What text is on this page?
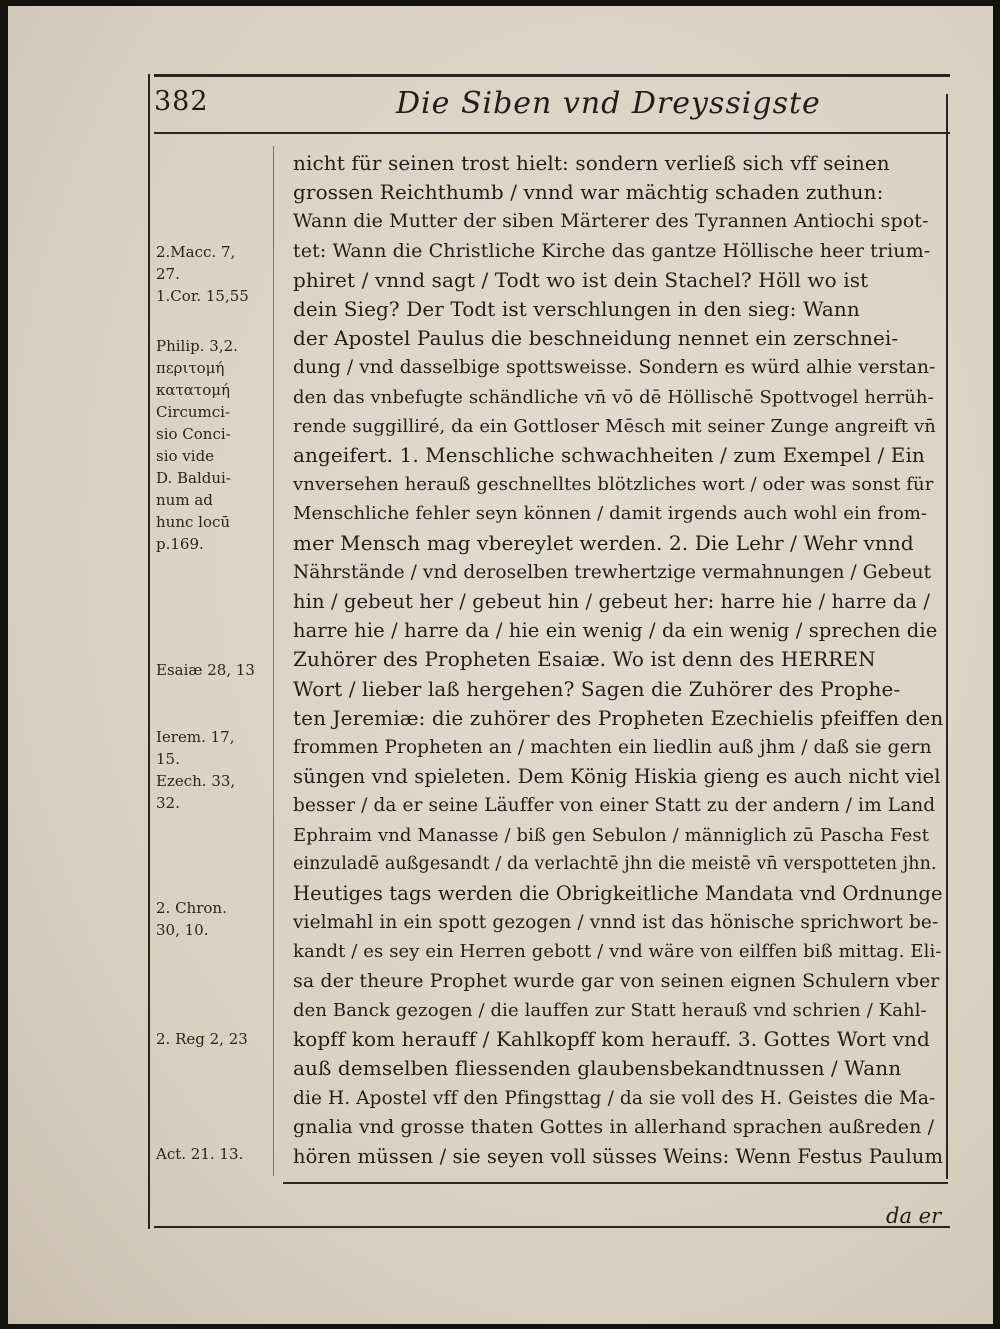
382	Die Siben vnd Dreyssigste
2.Macc. 7,
27.
1.Cor. 15,55
Philip. 3,2.
περιτομή
κατατομή
Circumci-
sio Conci-
sio vide
D. Baldui-
num ad
hunc locū
p.169.
Esaiæ 28, 13
Ierem. 17,
15.
Ezech. 33,
32.
2. Chron.
30, 10.
2. Reg 2, 23
Act. 21. 13.
nicht für seinen trost hielt: sondern verließ sich vff seinen
grossen Reichthumb / vnnd war mächtig schaden zuthun:
Wann die Mutter der siben Märterer des Tyrannen Antiochi spot-
tet: Wann die Christliche Kirche das gantze Höllische heer trium-
phiret / vnnd sagt / Todt wo ist dein Stachel? Höll wo ist
dein Sieg? Der Todt ist verschlungen in den sieg: Wann
der Apostel Paulus die beschneidung nennet ein zerschnei-
dung / vnd dasselbige spottsweisse. Sondern es würd alhie verstan-
den das vnbefugte schändliche vn̄ vō dē Höllischē Spottvogel herrüh-
rende suggilliré, da ein Gottloser Mēsch mit seiner Zunge angreift vn̄
angeifert. 1. Menschliche schwachheiten / zum Exempel / Ein
vnversehen herauß geschnelltes blötzliches wort / oder was sonst für
Menschliche fehler seyn können / damit irgends auch wohl ein from-
mer Mensch mag vbereylet werden. 2. Die Lehr / Wehr vnnd
Nährstände / vnd deroselben trewhertzige vermahnungen / Gebeut
hin / gebeut her / gebeut hin / gebeut her: harre hie / harre da /
harre hie / harre da / hie ein wenig / da ein wenig / sprechen die
Zuhörer des Propheten Esaiæ. Wo ist denn des HERREN
Wort / lieber laß hergehen? Sagen die Zuhörer des Prophe-
ten Jeremiæ: die zuhörer des Propheten Ezechielis pfeiffen den
frommen Propheten an / machten ein liedlin auß jhm / daß sie gern
süngen vnd spieleten. Dem König Hiskia gieng es auch nicht viel
besser / da er seine Läuffer von einer Statt zu der andern / im Land
Ephraim vnd Manasse / biß gen Sebulon / männiglich zū Pascha Fest
einzuladē außgesandt / da verlachtē jhn die meistē vn̄ verspotteten jhn.
Heutiges tags werden die Obrigkeitliche Mandata vnd Ordnunge
vielmahl in ein spott gezogen / vnnd ist das hönische sprichwort be-
kandt / es sey ein Herren gebott / vnd wäre von eilffen biß mittag. Eli-
sa der theure Prophet wurde gar von seinen eignen Schulern vber
den Banck gezogen / die lauffen zur Statt herauß vnd schrien / Kahl-
kopff kom herauff / Kahlkopff kom herauff. 3. Gottes Wort vnd
auß demselben fliessenden glaubensbekandtnussen / Wann
die H. Apostel vff den Pfingsttag / da sie voll des H. Geistes die Ma-
gnalia vnd grosse thaten Gottes in allerhand sprachen außreden /
hören müssen / sie seyen voll süsses Weins: Wenn Festus Paulum
da er
